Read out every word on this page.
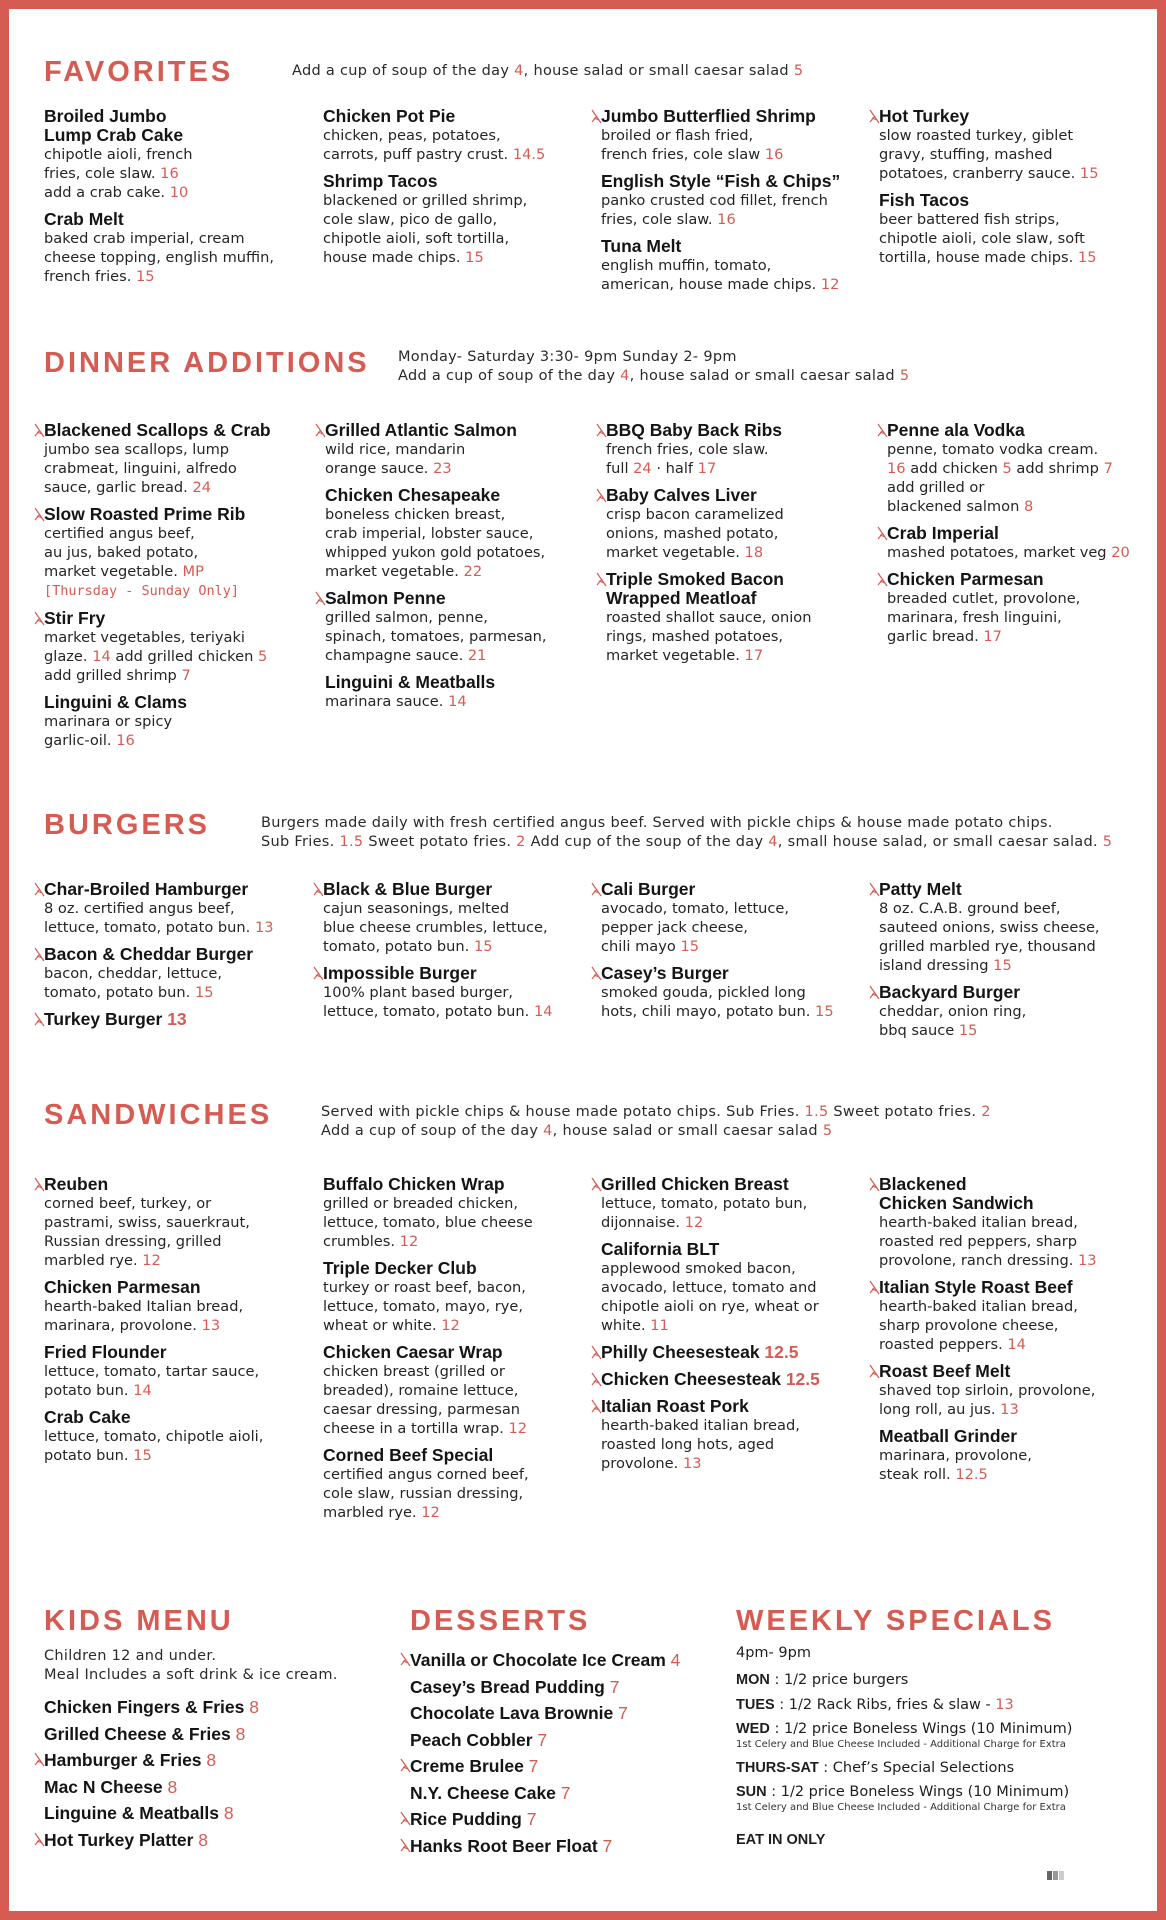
FAVORITES	Add a cup of soup of the day 4, house salad or small caesar salad 5
Broiled Jumbo
Lump Crab Cake
chipotle aioli, french
fries, cole slaw. 16
add a crab cake. 10
Crab Melt
baked crab imperial, cream
cheese topping, english muffin,
french fries. 15
Chicken Pot Pie
chicken, peas, potatoes,
carrots, puff pastry crust. 14.5
Shrimp Tacos
blackened or grilled shrimp,
cole slaw, pico de gallo,
chipotle aioli, soft tortilla,
house made chips. 15
Jumbo Butterflied Shrimp
broiled or flash fried,
french fries, cole slaw 16
English Style “Fish & Chips”
panko crusted cod fillet, french
fries, cole slaw. 16
Tuna Melt
english muffin, tomato,
american, house made chips. 12
Hot Turkey
slow roasted turkey, giblet
gravy, stuffing, mashed
potatoes, cranberry sauce. 15
Fish Tacos
beer battered fish strips,
chipotle aioli, cole slaw, soft
tortilla, house made chips. 15
DINNER ADDITIONS Monday- Saturday 3:30- 9pm Sunday 2- 9pm
Add a cup of soup of the day 4, house salad or small caesar salad 5
Blackened Scallops & Crab
jumbo sea scallops, lump
crabmeat, linguini, alfredo
sauce, garlic bread. 24
Slow Roasted Prime Rib
certified angus beef,
au jus, baked potato,
market vegetable. MP
[Thursday - Sunday Only]
Stir Fry
market vegetables, teriyaki
glaze. 14 add grilled chicken 5
add grilled shrimp 7
Linguini & Clams
marinara or spicy
garlic-oil. 16
Grilled Atlantic Salmon
wild rice, mandarin
orange sauce. 23
Chicken Chesapeake
boneless chicken breast,
crab imperial, lobster sauce,
whipped yukon gold potatoes,
market vegetable. 22
Salmon Penne
grilled salmon, penne,
spinach, tomatoes, parmesan,
champagne sauce. 21
Linguini & Meatballs
marinara sauce. 14
BBQ Baby Back Ribs
french fries, cole slaw.
full 24 · half 17
Baby Calves Liver
crisp bacon caramelized
onions, mashed potato,
market vegetable. 18
Triple Smoked Bacon
Wrapped Meatloaf
roasted shallot sauce, onion
rings, mashed potatoes,
market vegetable. 17
Penne ala Vodka
penne, tomato vodka cream.
16 add chicken 5 add shrimp 7
add grilled or
blackened salmon 8
Crab Imperial
mashed potatoes, market veg 20
Chicken Parmesan
breaded cutlet, provolone,
marinara, fresh linguini,
garlic bread. 17
BURGERS	Burgers made daily with fresh certified angus beef. Served with pickle chips & house made potato chips.
Sub Fries. 1.5 Sweet potato fries. 2 Add cup of the soup of the day 4, small house salad, or small caesar salad. 5
Char-Broiled Hamburger
8 oz. certified angus beef,
lettuce, tomato, potato bun. 13
Bacon & Cheddar Burger
bacon, cheddar, lettuce,
tomato, potato bun. 15
Turkey Burger 13
Black & Blue Burger
cajun seasonings, melted
blue cheese crumbles, lettuce,
tomato, potato bun. 15
Impossible Burger
100% plant based burger,
lettuce, tomato, potato bun. 14
Cali Burger
avocado, tomato, lettuce,
pepper jack cheese,
chili mayo 15
Casey’s Burger
smoked gouda, pickled long
hots, chili mayo, potato bun. 15
Patty Melt
8 oz. C.A.B. ground beef,
sauteed onions, swiss cheese,
grilled marbled rye, thousand
island dressing 15
Backyard Burger
cheddar, onion ring,
bbq sauce 15
SANDWICHES	Served with pickle chips & house made potato chips. Sub Fries. 1.5 Sweet potato fries. 2
Add a cup of soup of the day 4, house salad or small caesar salad 5
Reuben
corned beef, turkey, or
pastrami, swiss, sauerkraut,
Russian dressing, grilled
marbled rye. 12
Chicken Parmesan
hearth-baked Italian bread,
marinara, provolone. 13
Fried Flounder
lettuce, tomato, tartar sauce,
potato bun. 14
Crab Cake
lettuce, tomato, chipotle aioli,
potato bun. 15
Buffalo Chicken Wrap
grilled or breaded chicken,
lettuce, tomato, blue cheese
crumbles. 12
Triple Decker Club
turkey or roast beef, bacon,
lettuce, tomato, mayo, rye,
wheat or white. 12
Chicken Caesar Wrap
chicken breast (grilled or
breaded), romaine lettuce,
caesar dressing, parmesan
cheese in a tortilla wrap. 12
Corned Beef Special
certified angus corned beef,
cole slaw, russian dressing,
marbled rye. 12
Grilled Chicken Breast
lettuce, tomato, potato bun,
dijonnaise. 12
California BLT
applewood smoked bacon,
avocado, lettuce, tomato and
chipotle aioli on rye, wheat or
white. 11
Philly Cheesesteak 12.5
Chicken Cheesesteak 12.5
Italian Roast Pork
hearth-baked italian bread,
roasted long hots, aged
provolone. 13
Blackened
Chicken Sandwich
hearth-baked italian bread,
roasted red peppers, sharp
provolone, ranch dressing. 13
Italian Style Roast Beef
hearth-baked italian bread,
sharp provolone cheese,
roasted peppers. 14
Roast Beef Melt
shaved top sirloin, provolone,
long roll, au jus. 13
Meatball Grinder
marinara, provolone,
steak roll. 12.5
KIDS MENU
Children 12 and under.
Meal Includes a soft drink & ice cream.
Chicken Fingers & Fries 8
Grilled Cheese & Fries 8
Hamburger & Fries 8
Mac N Cheese 8
Linguine & Meatballs 8
Hot Turkey Platter 8
DESSERTS
Vanilla or Chocolate Ice Cream 4
Casey’s Bread Pudding 7
Chocolate Lava Brownie 7
Peach Cobbler 7
Creme Brulee 7
N.Y. Cheese Cake 7
Rice Pudding 7
Hanks Root Beer Float 7
WEEKLY SPECIALS
4pm- 9pm
MON : 1/2 price burgers
TUES : 1/2 Rack Ribs, fries & slaw - 13
WED : 1/2 price Boneless Wings (10 Minimum)
1st Celery and Blue Cheese Included - Additional Charge for Extra
THURS-SAT : Chef’s Special Selections
SUN : 1/2 price Boneless Wings (10 Minimum)
1st Celery and Blue Cheese Included - Additional Charge for Extra
EAT IN ONLY
